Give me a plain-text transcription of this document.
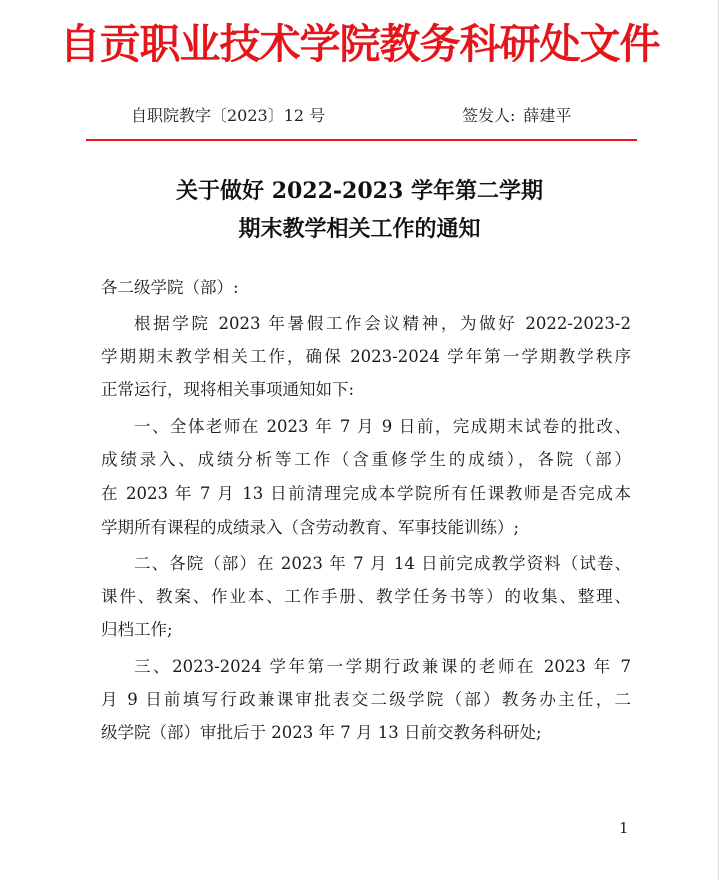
自贡职业技术学院教务科研处文件
自职院教字〔2023〕12 号	签发人: 薛建平
关于做好 2022-2023 学年第二学期
期末教学相关工作的通知
各二级学院（部）:
根据学院 2023 年暑假工作会议精神，为做好 2022-2023-2
学期期末教学相关工作，确保 2023-2024 学年第一学期教学秩序
正常运行，现将相关事项通知如下:
一、全体老师在 2023 年 7 月 9 日前，完成期末试卷的批改、
成绩录入、成绩分析等工作（含重修学生的成绩），各院（部）
在 2023 年 7 月 13 日前清理完成本学院所有任课教师是否完成本
学期所有课程的成绩录入（含劳动教育、军事技能训练）;
二、各院（部）在 2023 年 7 月 14 日前完成教学资料（试卷、
课件、教案、作业本、工作手册、教学任务书等）的收集、整理、
归档工作;
三、2023-2024 学年第一学期行政兼课的老师在 2023 年 7
月 9 日前填写行政兼课审批表交二级学院（部）教务办主任，二
级学院（部）审批后于 2023 年 7 月 13 日前交教务科研处;
1
